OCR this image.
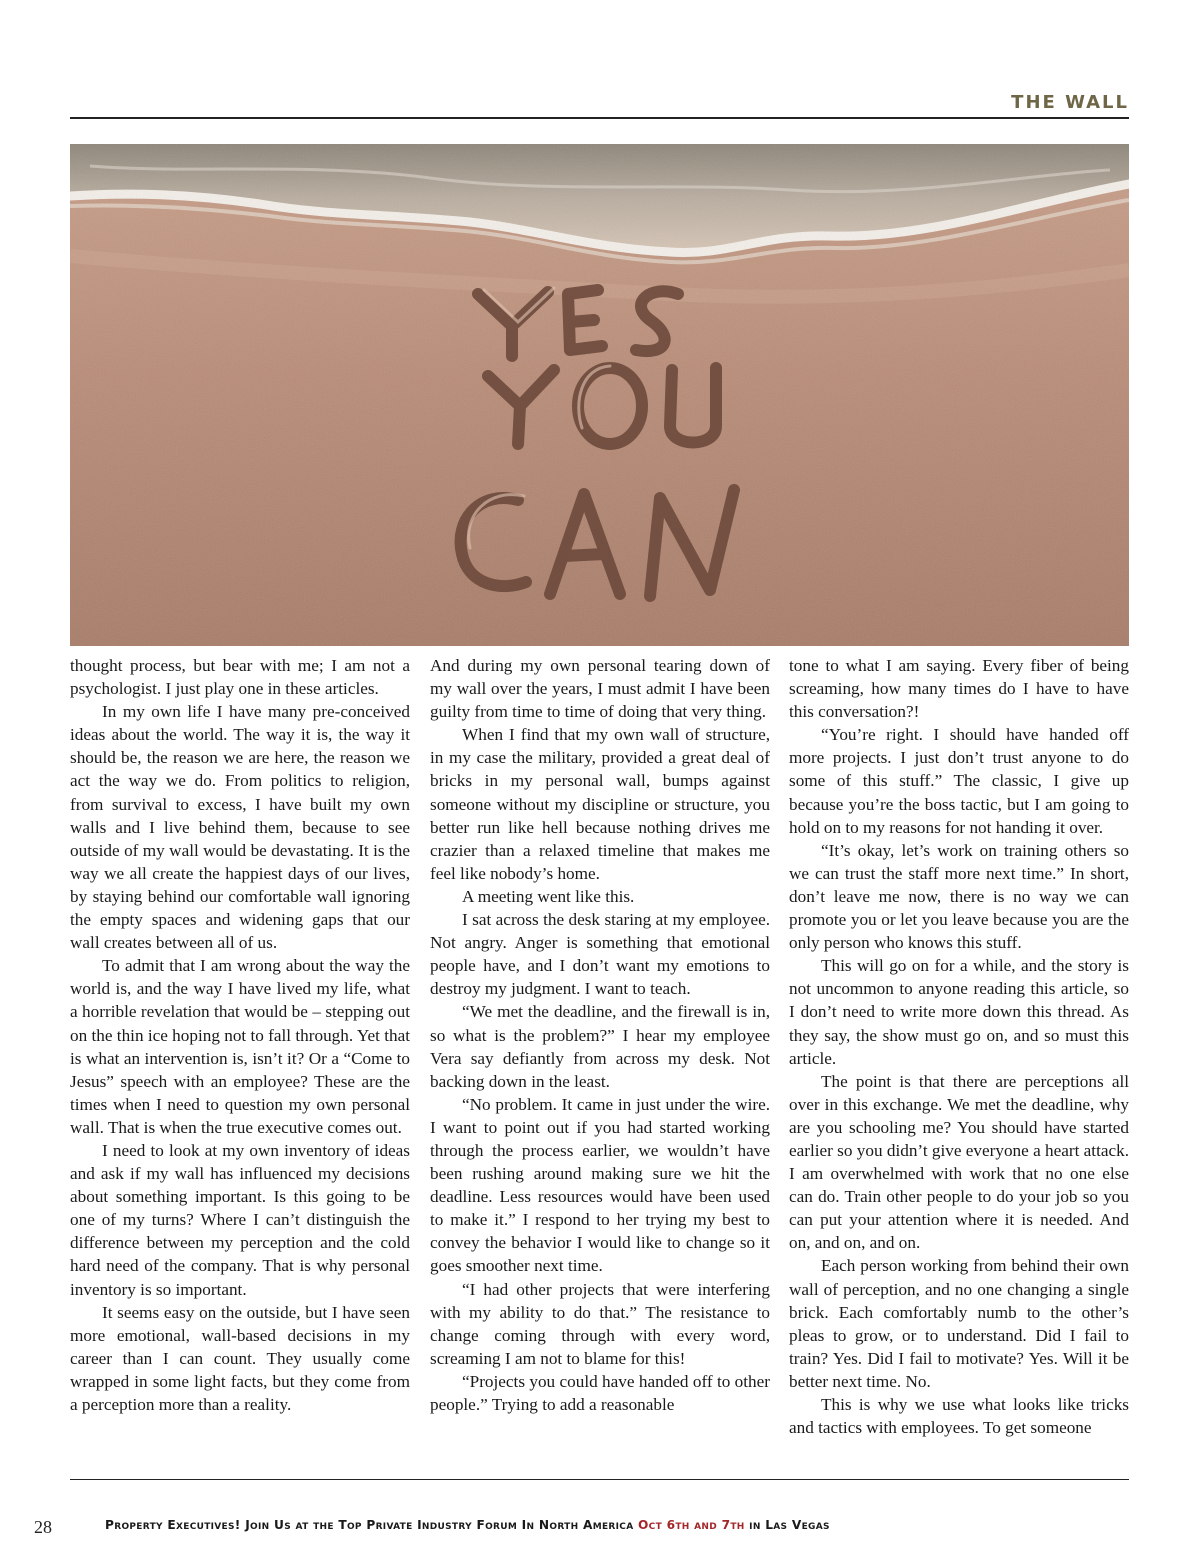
THE WALL

thought process, but bear with me; I am not a psychologist. I just play one in these articles.

In my own life I have many pre-conceived ideas about the world. The way it is, the way it should be, the reason we are here, the reason we act the way we do. From politics to religion, from survival to excess, I have built my own walls and I live behind them, because to see outside of my wall would be devastating. It is the way we all create the happiest days of our lives, by staying behind our comfortable wall ignoring the empty spaces and widening gaps that our wall creates between all of us.

To admit that I am wrong about the way the world is, and the way I have lived my life, what a horrible revelation that would be – stepping out on the thin ice hoping not to fall through. Yet that is what an intervention is, isn’t it? Or a “Come to Jesus” speech with an employee? These are the times when I need to question my own personal wall. That is when the true executive comes out.

I need to look at my own inventory of ideas and ask if my wall has influenced my decisions about something important. Is this going to be one of my turns? Where I can’t distinguish the difference between my perception and the cold hard need of the company. That is why personal inventory is so important.

It seems easy on the outside, but I have seen more emotional, wall-based decisions in my career than I can count. They usually come wrapped in some light facts, but they come from a perception more than a reality.

And during my own personal tearing down of my wall over the years, I must admit I have been guilty from time to time of doing that very thing.

When I find that my own wall of structure, in my case the military, provided a great deal of bricks in my personal wall, bumps against someone without my discipline or structure, you better run like hell because nothing drives me crazier than a relaxed timeline that makes me feel like nobody’s home.

A meeting went like this.

I sat across the desk staring at my employee. Not angry. Anger is something that emotional people have, and I don’t want my emotions to destroy my judgment. I want to teach.

“We met the deadline, and the firewall is in, so what is the problem?” I hear my employee Vera say defiantly from across my desk. Not backing down in the least.

“No problem. It came in just under the wire. I want to point out if you had started working through the process earlier, we wouldn’t have been rushing around making sure we hit the deadline. Less resources would have been used to make it.” I respond to her trying my best to convey the behavior I would like to change so it goes smoother next time.

“I had other projects that were interfering with my ability to do that.” The resistance to change coming through with every word, screaming I am not to blame for this!

“Projects you could have handed off to other people.” Trying to add a reasonable

tone to what I am saying. Every fiber of being screaming, how many times do I have to have this conversation?!

“You’re right. I should have handed off more projects. I just don’t trust anyone to do some of this stuff.” The classic, I give up because you’re the boss tactic, but I am going to hold on to my reasons for not handing it over.

“It’s okay, let’s work on training others so we can trust the staff more next time.” In short, don’t leave me now, there is no way we can promote you or let you leave because you are the only person who knows this stuff.

This will go on for a while, and the story is not uncommon to anyone reading this article, so I don’t need to write more down this thread. As they say, the show must go on, and so must this article.

The point is that there are perceptions all over in this exchange. We met the deadline, why are you schooling me? You should have started earlier so you didn’t give everyone a heart attack. I am overwhelmed with work that no one else can do. Train other people to do your job so you can put your attention where it is needed. And on, and on, and on.

Each person working from behind their own wall of perception, and no one changing a single brick. Each comfortably numb to the other’s pleas to grow, or to understand. Did I fail to train? Yes. Did I fail to motivate? Yes. Will it be better next time. No.

This is why we use what looks like tricks and tactics with employees. To get someone

28	Property Executives! Join Us at the Top Private Industry Forum In North America Oct 6th and 7th in Las Vegas
